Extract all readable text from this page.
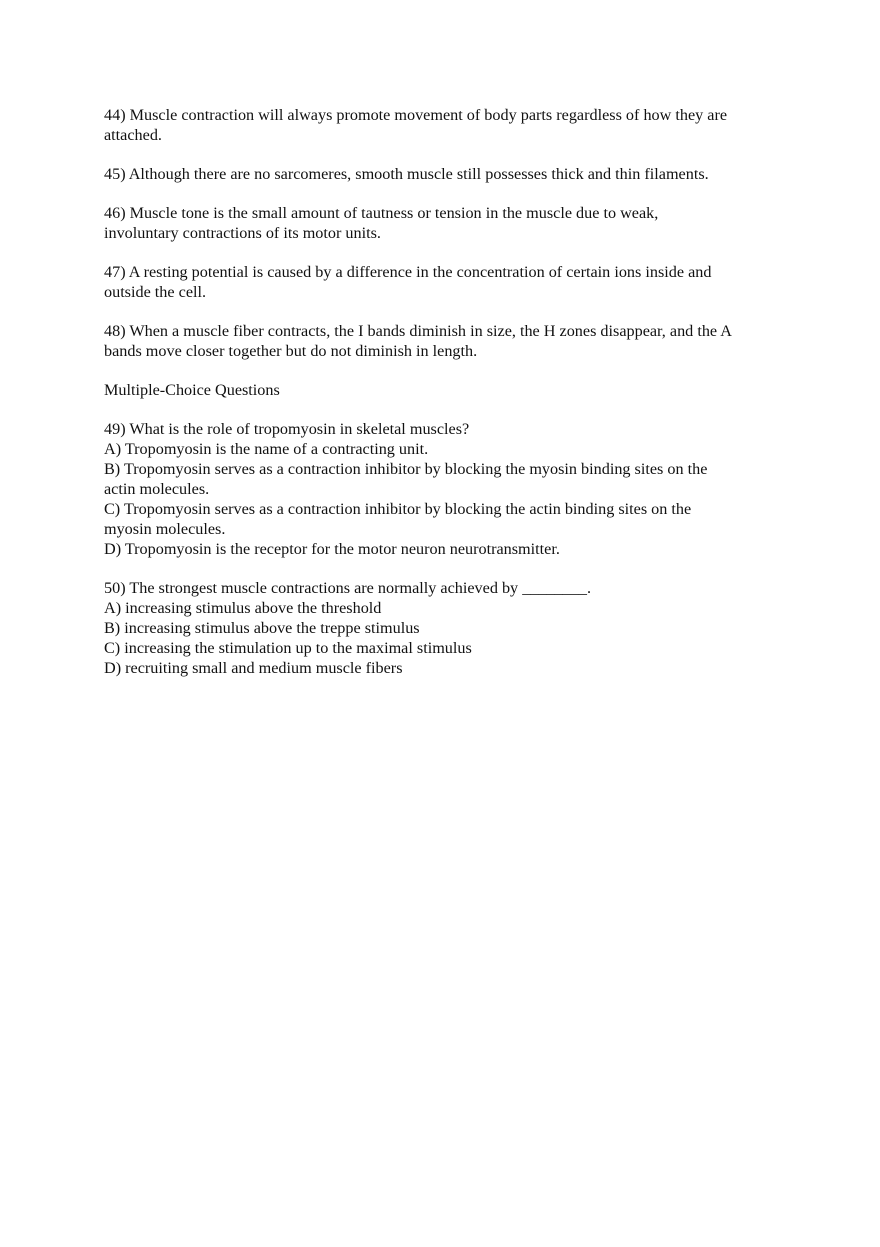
44) Muscle contraction will always promote movement of body parts regardless of how they are
attached.
45) Although there are no sarcomeres, smooth muscle still possesses thick and thin filaments.
46) Muscle tone is the small amount of tautness or tension in the muscle due to weak,
involuntary contractions of its motor units.
47) A resting potential is caused by a difference in the concentration of certain ions inside and
outside the cell.
48) When a muscle fiber contracts, the I bands diminish in size, the H zones disappear, and the A
bands move closer together but do not diminish in length.
Multiple-Choice Questions
49) What is the role of tropomyosin in skeletal muscles?
A) Tropomyosin is the name of a contracting unit.
B) Tropomyosin serves as a contraction inhibitor by blocking the myosin binding sites on the
actin molecules.
C) Tropomyosin serves as a contraction inhibitor by blocking the actin binding sites on the
myosin molecules.
D) Tropomyosin is the receptor for the motor neuron neurotransmitter.
50) The strongest muscle contractions are normally achieved by ________.
A) increasing stimulus above the threshold
B) increasing stimulus above the treppe stimulus
C) increasing the stimulation up to the maximal stimulus
D) recruiting small and medium muscle fibers
